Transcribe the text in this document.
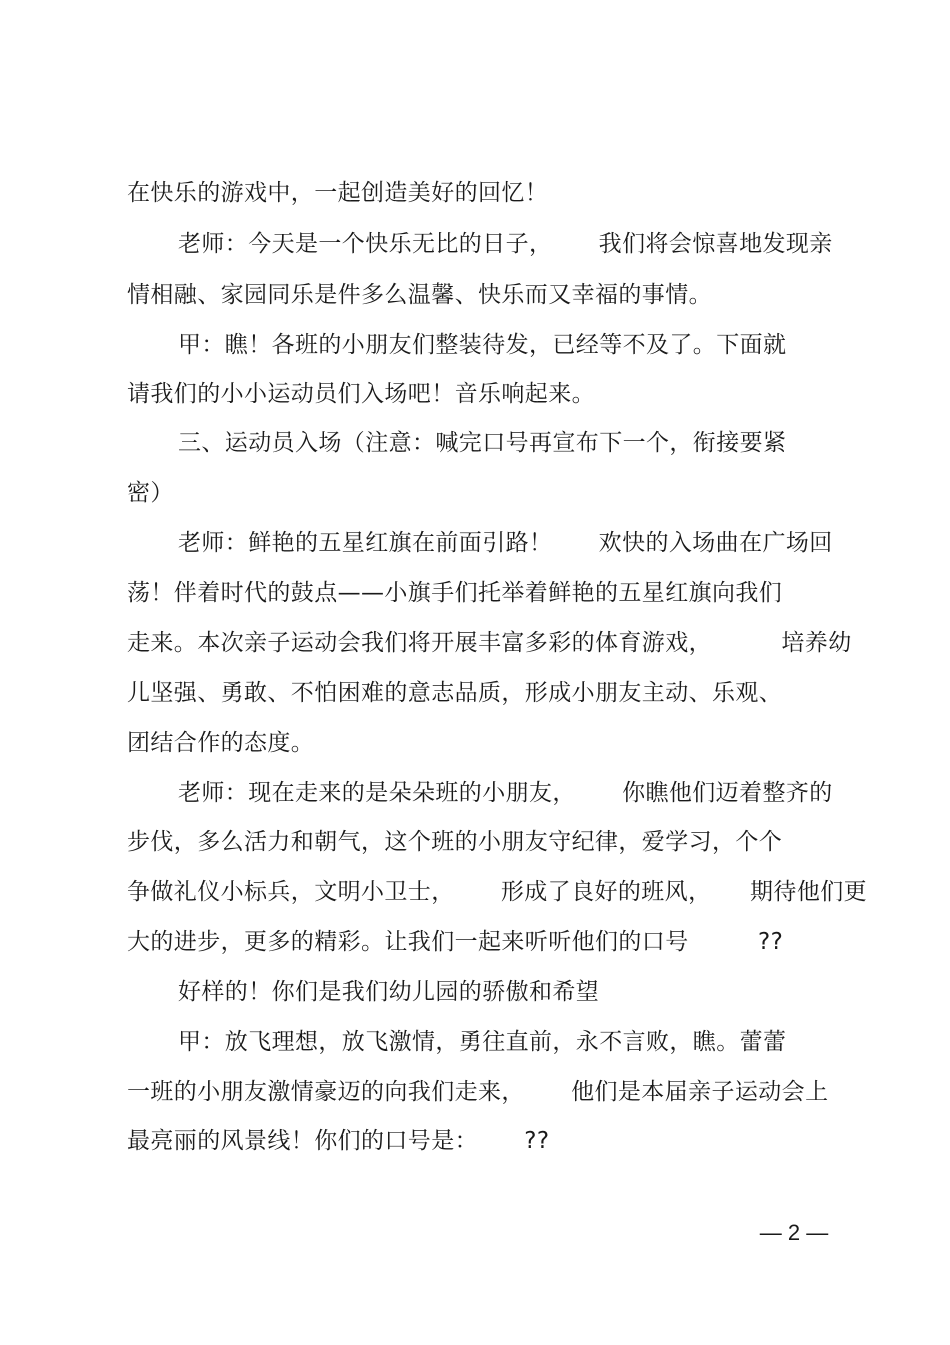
在快乐的游戏中，一起创造美好的回忆！
老师：今天是一个快乐无比的日子，      我们将会惊喜地发现亲
情相融、家园同乐是件多么温馨、快乐而又幸福的事情。
甲：瞧！各班的小朋友们整装待发，已经等不及了。下面就
请我们的小小运动员们入场吧！音乐响起来。
三、运动员入场（注意：喊完口号再宣布下一个，衔接要紧
密）
老师：鲜艳的五星红旗在前面引路！      欢快的入场曲在广场回
荡！伴着时代的鼓点——小旗手们托举着鲜艳的五星红旗向我们
走来。本次亲子运动会我们将开展丰富多彩的体育游戏，         培养幼
儿坚强、勇敢、不怕困难的意志品质，形成小朋友主动、乐观、
团结合作的态度。
老师：现在走来的是朵朵班的小朋友，      你瞧他们迈着整齐的
步伐，多么活力和朝气，这个班的小朋友守纪律，爱学习，个个
争做礼仪小标兵，文明小卫士，      形成了良好的班风，     期待他们更
大的进步，更多的精彩。让我们一起来听听他们的口号         ??
好样的！你们是我们幼儿园的骄傲和希望
甲：放飞理想，放飞激情，勇往直前，永不言败，瞧。蕾蕾
一班的小朋友激情豪迈的向我们走来，      他们是本届亲子运动会上
最亮丽的风景线！你们的口号是：      ??
— 2 —
